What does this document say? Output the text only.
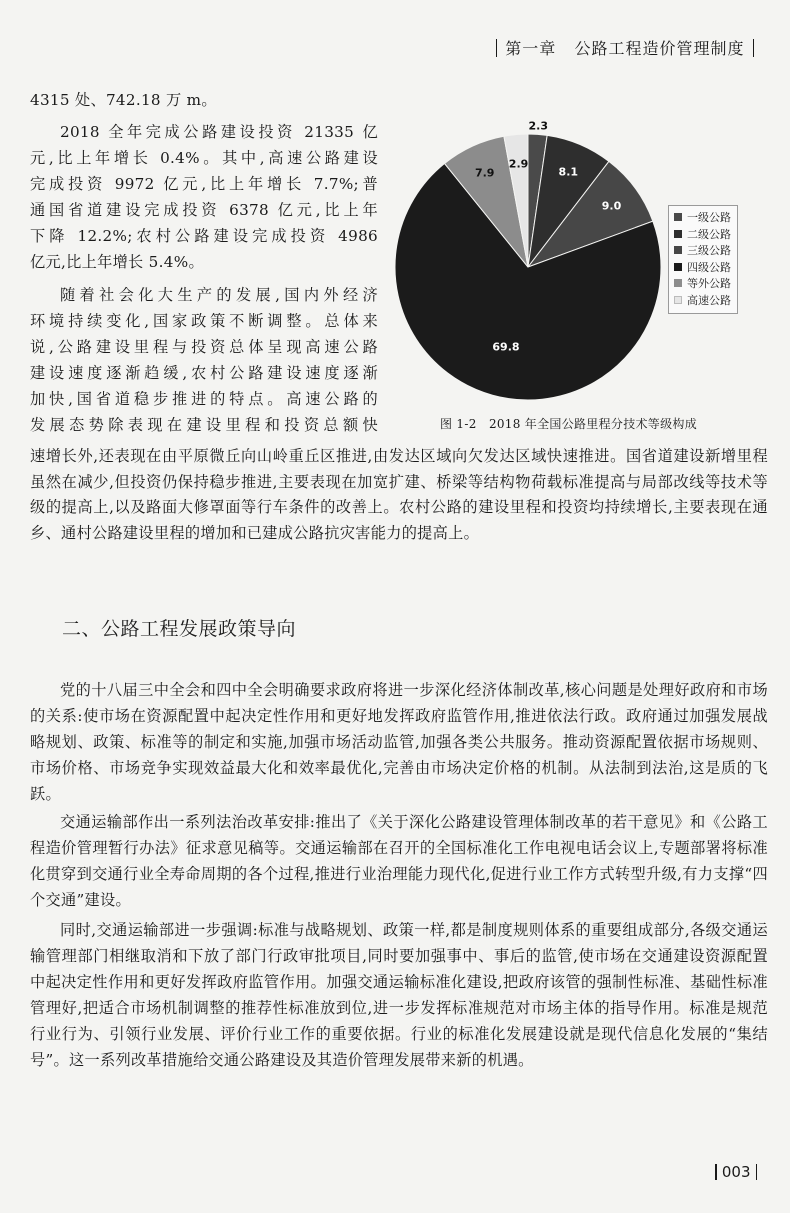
第一章 公路工程造价管理制度

4315 处、742.18 万 m。

2018 全年完成公路建设投资 21335 亿

元,比上年增长 0.4%。其中,高速公路建设

完成投资 9972 亿元,比上年增长 7.7%;普

通国省道建设完成投资 6378 亿元,比上年

下降 12.2%;农村公路建设完成投资 4986

亿元,比上年增长 5.4%。

随着社会化大生产的发展,国内外经济

环境持续变化,国家政策不断调整。总体来

说,公路建设里程与投资总体呈现高速公路

建设速度逐渐趋缓,农村公路建设速度逐渐

加快,国省道稳步推进的特点。高速公路的

发展态势除表现在建设里程和投资总额快

速增长外,还表现在由平原微丘向山岭重丘区推进,由发达区域向欠发达区域快速推进。国省道建设新增里程虽然在减少,但投资仍保持稳步推进,主要表现在加宽扩建、桥梁等结构物荷载标准提高与局部改线等技术等级的提高上,以及路面大修罩面等行车条件的改善上。农村公路的建设里程和投资均持续增长,主要表现在通乡、通村公路建设里程的增加和已建成公路抗灾害能力的提高上。

2.3
8.1
9.0
69.8
7.9
2.9
一级公路
二级公路
三级公路
四级公路
等外公路
高速公路
图 1-2　2018 年全国公路里程分技术等级构成
二、公路工程发展政策导向

党的十八届三中全会和四中全会明确要求政府将进一步深化经济体制改革,核心问题是处理好政府和市场的关系:使市场在资源配置中起决定性作用和更好地发挥政府监管作用,推进依法行政。政府通过加强发展战略规划、政策、标准等的制定和实施,加强市场活动监管,加强各类公共服务。推动资源配置依据市场规则、市场价格、市场竞争实现效益最大化和效率最优化,完善由市场决定价格的机制。从法制到法治,这是质的飞跃。

交通运输部作出一系列法治改革安排:推出了《关于深化公路建设管理体制改革的若干意见》和《公路工程造价管理暂行办法》征求意见稿等。交通运输部在召开的全国标准化工作电视电话会议上,专题部署将标准化贯穿到交通行业全寿命周期的各个过程,推进行业治理能力现代化,促进行业工作方式转型升级,有力支撑“四个交通”建设。

同时,交通运输部进一步强调:标准与战略规划、政策一样,都是制度规则体系的重要组成部分,各级交通运输管理部门相继取消和下放了部门行政审批项目,同时要加强事中、事后的监管,使市场在交通建设资源配置中起决定性作用和更好发挥政府监管作用。加强交通运输标准化建设,把政府该管的强制性标准、基础性标准管理好,把适合市场机制调整的推荐性标准放到位,进一步发挥标准规范对市场主体的指导作用。标准是规范行业行为、引领行业发展、评价行业工作的重要依据。行业的标准化发展建设就是现代信息化发展的“集结号”。这一系列改革措施给交通公路建设及其造价管理发展带来新的机遇。

003
